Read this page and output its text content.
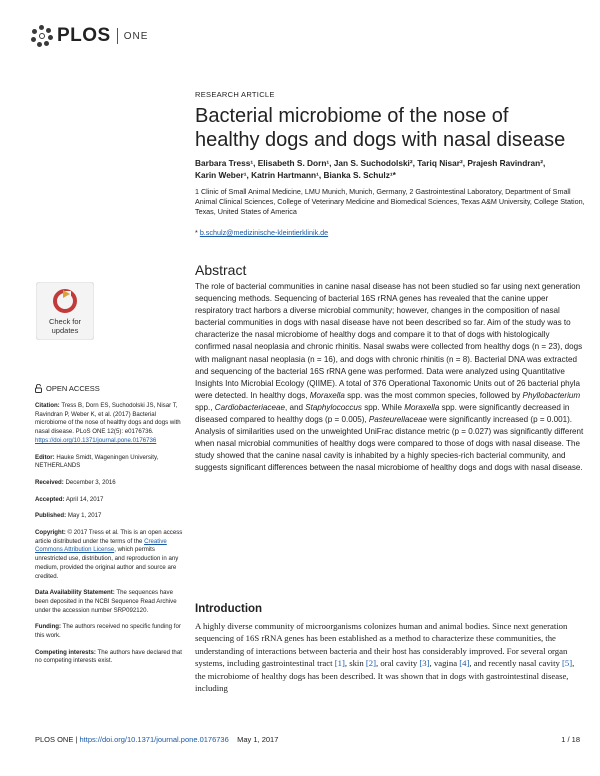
PLOS ONE
RESEARCH ARTICLE
Bacterial microbiome of the nose of healthy dogs and dogs with nasal disease
Barbara Tress¹, Elisabeth S. Dorn¹, Jan S. Suchodolski², Tariq Nisar², Prajesh Ravindran²,
Karin Weber¹, Katrin Hartmann¹, Bianka S. Schulz¹*
1 Clinic of Small Animal Medicine, LMU Munich, Munich, Germany, 2 Gastrointestinal Laboratory, Department of Small Animal Clinical Sciences, College of Veterinary Medicine and Biomedical Sciences, Texas A&M University, College Station, Texas, United States of America
* b.schulz@medizinische-kleintierklinik.de
Check for
updates
OPEN ACCESS

Citation: Tress B, Dorn ES, Suchodolski JS, Nisar T, Ravindran P, Weber K, et al. (2017) Bacterial microbiome of the nose of healthy dogs and dogs with nasal disease. PLoS ONE 12(5): e0176736. https://doi.org/10.1371/journal.pone.0176736

Editor: Hauke Smidt, Wageningen University, NETHERLANDS

Received: December 3, 2016

Accepted: April 14, 2017

Published: May 1, 2017

Copyright: © 2017 Tress et al. This is an open access article distributed under the terms of the Creative Commons Attribution License, which permits unrestricted use, distribution, and reproduction in any medium, provided the original author and source are credited.

Data Availability Statement: The sequences have been deposited in the NCBI Sequence Read Archive under the accession number SRP092120.

Funding: The authors received no specific funding for this work.

Competing interests: The authors have declared that no competing interests exist.

Abstract
The role of bacterial communities in canine nasal disease has not been studied so far using next generation sequencing methods. Sequencing of bacterial 16S rRNA genes has revealed that the canine upper respiratory tract harbors a diverse microbial community; however, changes in the composition of nasal bacterial communities in dogs with nasal disease have not been described so far. Aim of the study was to characterize the nasal microbiome of healthy dogs and compare it to that of dogs with histologically confirmed nasal neoplasia and chronic rhinitis. Nasal swabs were collected from healthy dogs (n = 23), dogs with malignant nasal neoplasia (n = 16), and dogs with chronic rhinitis (n = 8). Bacterial DNA was extracted and sequencing of the bacterial 16S rRNA gene was performed. Data were analyzed using Quantitative Insights Into Microbial Ecology (QIIME). A total of 376 Operational Taxonomic Units out of 26 bacterial phyla were detected. In healthy dogs, Moraxella spp. was the most common species, followed by Phyllobacterium spp., Cardiobacteriaceae, and Staphylococcus spp. While Moraxella spp. were significantly decreased in diseased compared to healthy dogs (p = 0.005), Pasteurellaceae were significantly increased (p = 0.001). Analysis of similarities used on the unweighted UniFrac distance metric (p = 0.027) was significantly different when nasal microbial communities of healthy dogs were compared to those of dogs with nasal disease. The study showed that the canine nasal cavity is inhabited by a highly species-rich bacterial community, and suggests significant differences between the nasal microbiome of healthy dogs and dogs with nasal disease.
Introduction
A highly diverse community of microorganisms colonizes human and animal bodies. Since next generation sequencing of 16S rRNA genes has been established as a method to characterize these communities, the understanding of interactions between bacteria and their host has considerably improved. For several organ systems, including gastrointestinal tract [1], skin [2], oral cavity [3], vagina [4], and recently nasal cavity [5], the microbiome of healthy dogs has been described. It was shown that in dogs with gastrointestinal disease, including
PLOS ONE | https://doi.org/10.1371/journal.pone.0176736 May 1, 2017	1 / 18
